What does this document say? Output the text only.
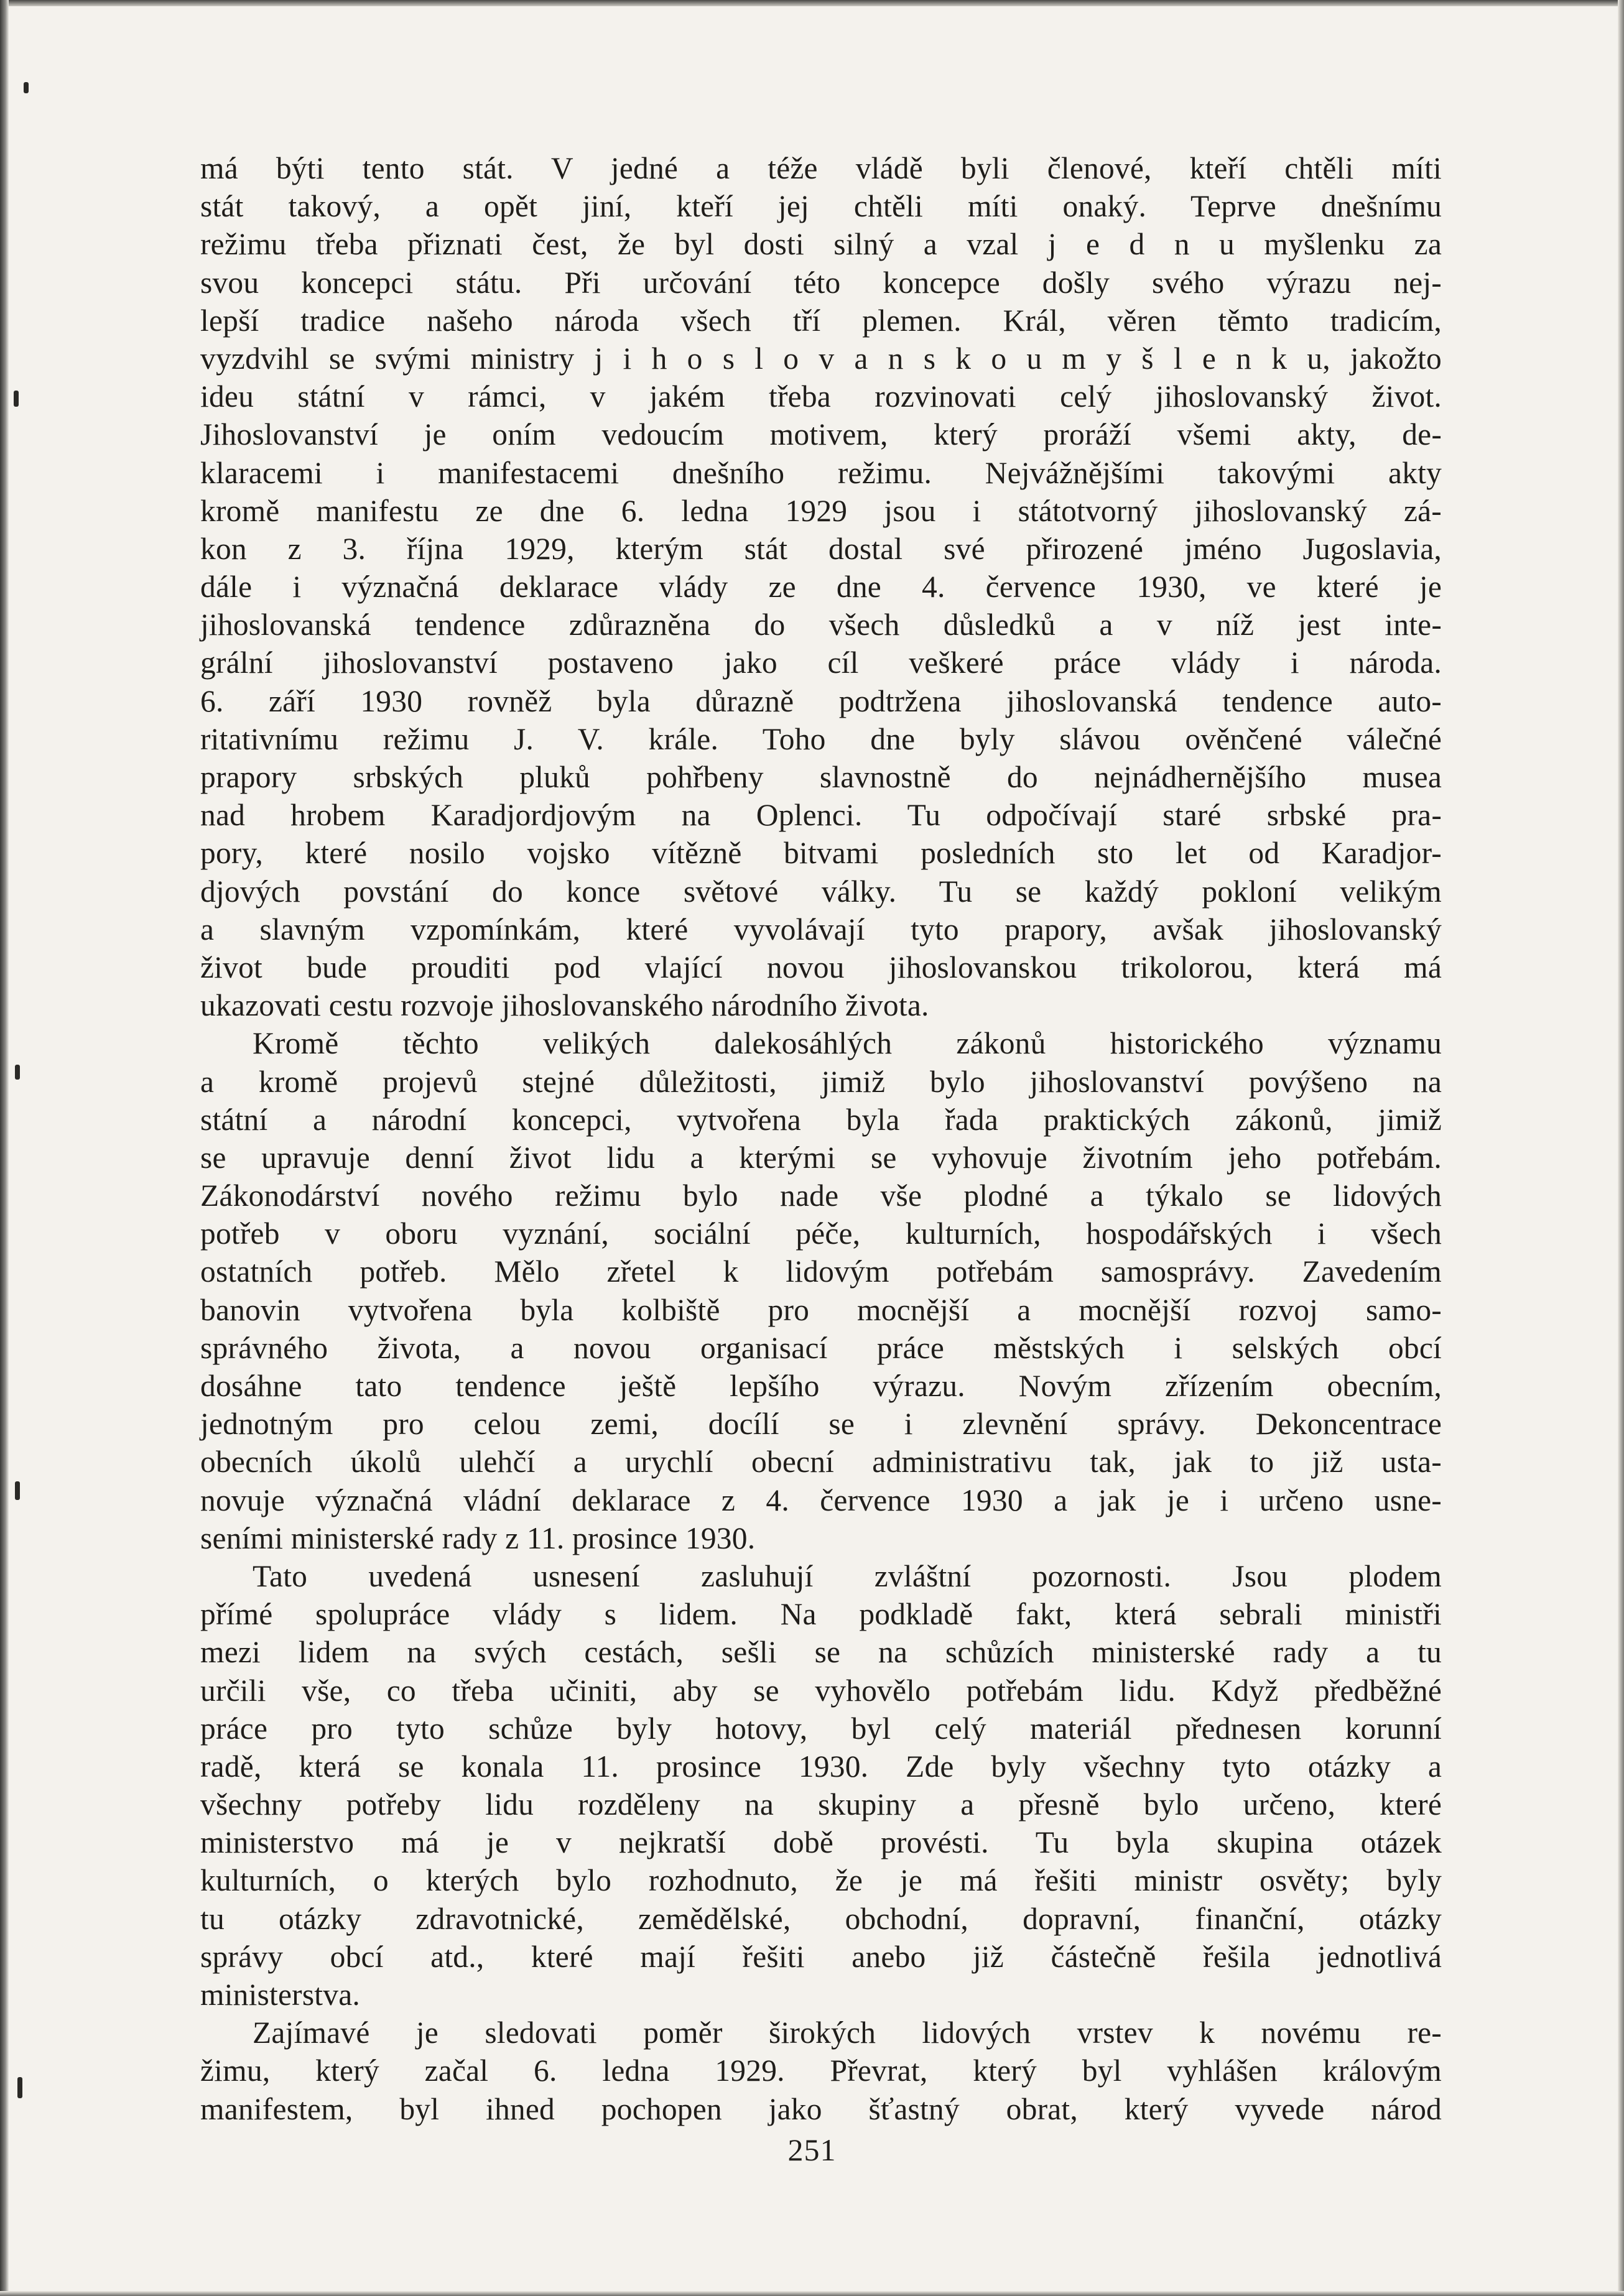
má býti tento stát. V jedné a téže vládě byli členové, kteří chtěli míti
stát takový, a opět jiní, kteří jej chtěli míti onaký. Teprve dnešnímu
režimu třeba přiznati čest, že byl dosti silný a vzal j e d n u myšlenku za
svou koncepci státu. Při určování této koncepce došly svého výrazu nej-
lepší tradice našeho národa všech tří plemen. Král, věren těmto tradicím,
vyzdvihl se svými ministry j i h o s l o v a n s k o u m y š l e n k u, jakožto
ideu státní v rámci, v jakém třeba rozvinovati celý jihoslovanský život.
Jihoslovanství je oním vedoucím motivem, který proráží všemi akty, de-
klaracemi i manifestacemi dnešního režimu. Nejvážnějšími takovými akty
kromě manifestu ze dne 6. ledna 1929 jsou i státotvorný jihoslovanský zá-
kon z 3. října 1929, kterým stát dostal své přirozené jméno Jugoslavia,
dále i význačná deklarace vlády ze dne 4. července 1930, ve které je
jihoslovanská tendence zdůrazněna do všech důsledků a v níž jest inte-
grální jihoslovanství postaveno jako cíl veškeré práce vlády i národa.
6. září 1930 rovněž byla důrazně podtržena jihoslovanská tendence auto-
ritativnímu režimu J. V. krále. Toho dne byly slávou ověnčené válečné
prapory srbských pluků pohřbeny slavnostně do nejnádhernějšího musea
nad hrobem Karadjordjovým na Oplenci. Tu odpočívají staré srbské pra-
pory, které nosilo vojsko vítězně bitvami posledních sto let od Karadjor-
djových povstání do konce světové války. Tu se každý pokloní velikým
a slavným vzpomínkám, které vyvolávají tyto prapory, avšak jihoslovanský
život bude prouditi pod vlající novou jihoslovanskou trikolorou, která má
ukazovati cestu rozvoje jihoslovanského národního života.
Kromě těchto velikých dalekosáhlých zákonů historického významu
a kromě projevů stejné důležitosti, jimiž bylo jihoslovanství povýšeno na
státní a národní koncepci, vytvořena byla řada praktických zákonů, jimiž
se upravuje denní život lidu a kterými se vyhovuje životním jeho potřebám.
Zákonodárství nového režimu bylo nade vše plodné a týkalo se lidových
potřeb v oboru vyznání, sociální péče, kulturních, hospodářských i všech
ostatních potřeb. Mělo zřetel k lidovým potřebám samosprávy. Zavedením
banovin vytvořena byla kolbiště pro mocnější a mocnější rozvoj samo-
správného života, a novou organisací práce městských i selských obcí
dosáhne tato tendence ještě lepšího výrazu. Novým zřízením obecním,
jednotným pro celou zemi, docílí se i zlevnění správy. Dekoncentrace
obecních úkolů ulehčí a urychlí obecní administrativu tak, jak to již usta-
novuje význačná vládní deklarace z 4. července 1930 a jak je i určeno usne-
seními ministerské rady z 11. prosince 1930.
Tato uvedená usnesení zasluhují zvláštní pozornosti. Jsou plodem
přímé spolupráce vlády s lidem. Na podkladě fakt, která sebrali ministři
mezi lidem na svých cestách, sešli se na schůzích ministerské rady a tu
určili vše, co třeba učiniti, aby se vyhovělo potřebám lidu. Když předběžné
práce pro tyto schůze byly hotovy, byl celý materiál přednesen korunní
radě, která se konala 11. prosince 1930. Zde byly všechny tyto otázky a
všechny potřeby lidu rozděleny na skupiny a přesně bylo určeno, které
ministerstvo má je v nejkratší době provésti. Tu byla skupina otázek
kulturních, o kterých bylo rozhodnuto, že je má řešiti ministr osvěty; byly
tu otázky zdravotnické, zemědělské, obchodní, dopravní, finanční, otázky
správy obcí atd., které mají řešiti anebo již částečně řešila jednotlivá
ministerstva.
Zajímavé je sledovati poměr širokých lidových vrstev k novému re-
žimu, který začal 6. ledna 1929. Převrat, který byl vyhlášen královým
manifestem, byl ihned pochopen jako šťastný obrat, který vyvede národ
251
